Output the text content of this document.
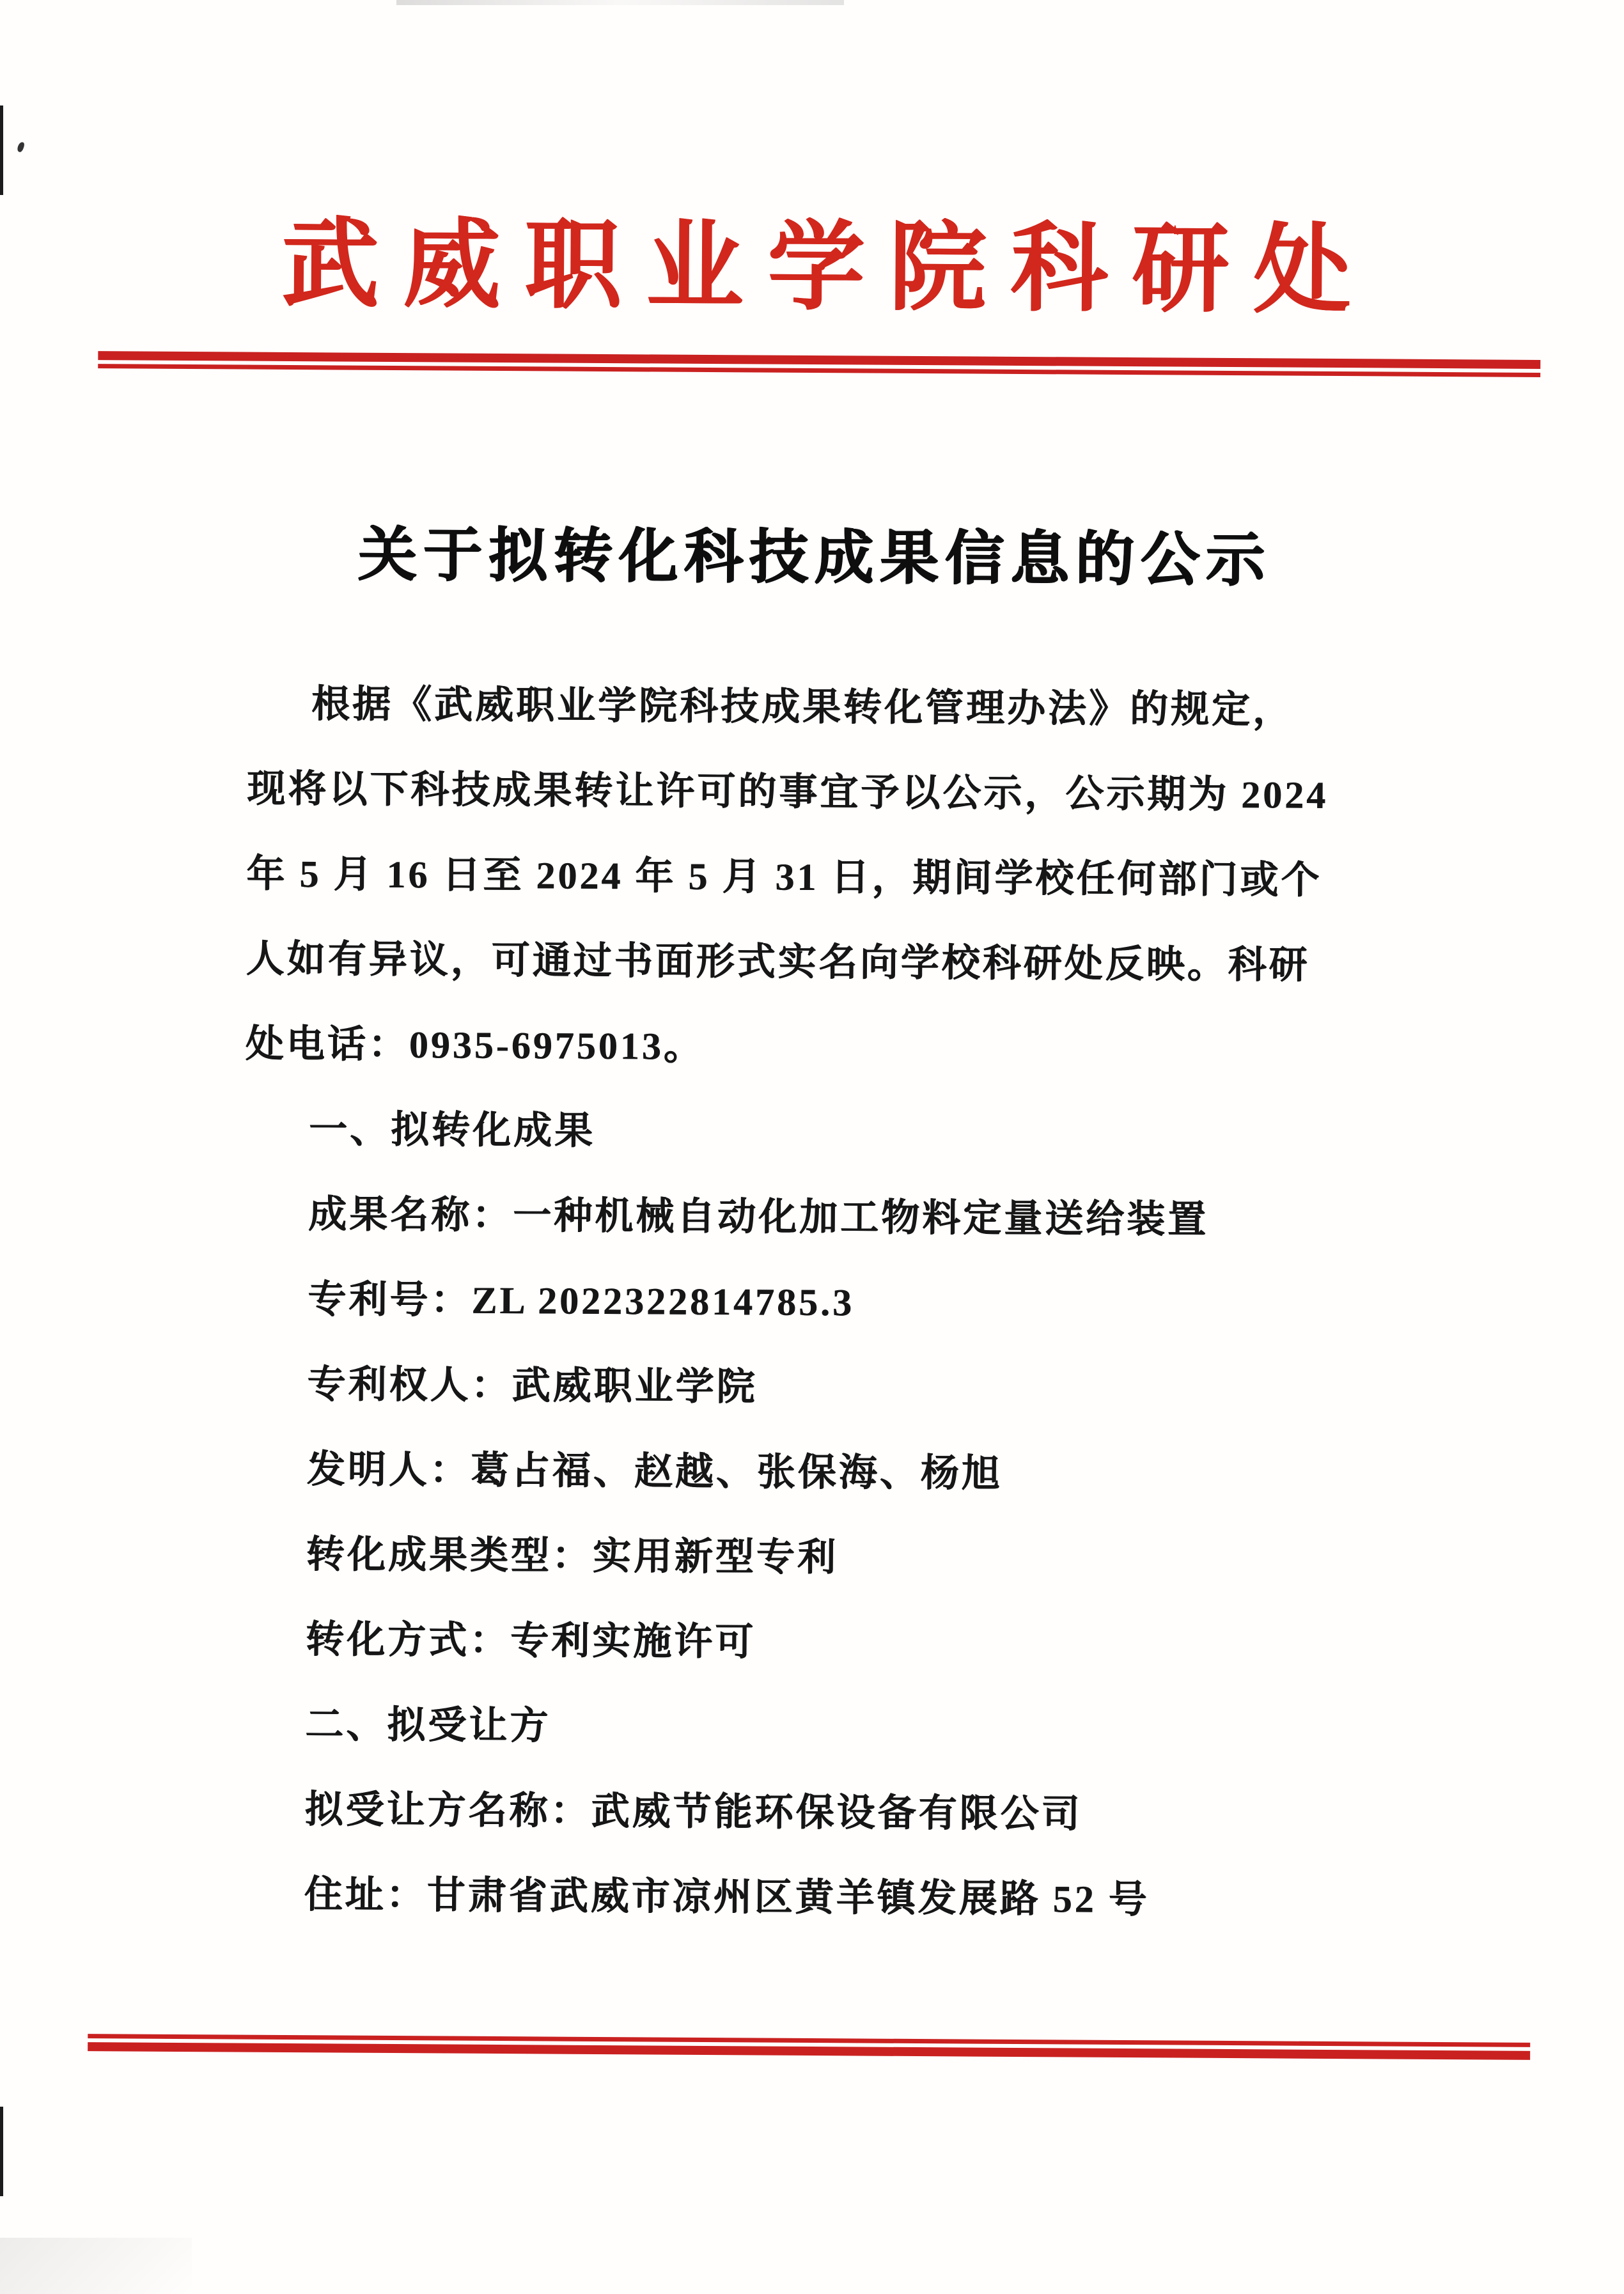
武威职业学院科研处
关于拟转化科技成果信息的公示
根据《武威职业学院科技成果转化管理办法》的规定，
现将以下科技成果转让许可的事宜予以公示，公示期为 2024
年 5 月 16 日至 2024 年 5 月 31 日，期间学校任何部门或个
人如有异议，可通过书面形式实名向学校科研处反映。科研
处电话：0935-6975013。
一、拟转化成果
成果名称：一种机械自动化加工物料定量送给装置
专利号：ZL 2022322814785.3
专利权人：武威职业学院
发明人：葛占福、赵越、张保海、杨旭
转化成果类型：实用新型专利
转化方式：专利实施许可
二、拟受让方
拟受让方名称：武威节能环保设备有限公司
住址：甘肃省武威市凉州区黄羊镇发展路 52 号
